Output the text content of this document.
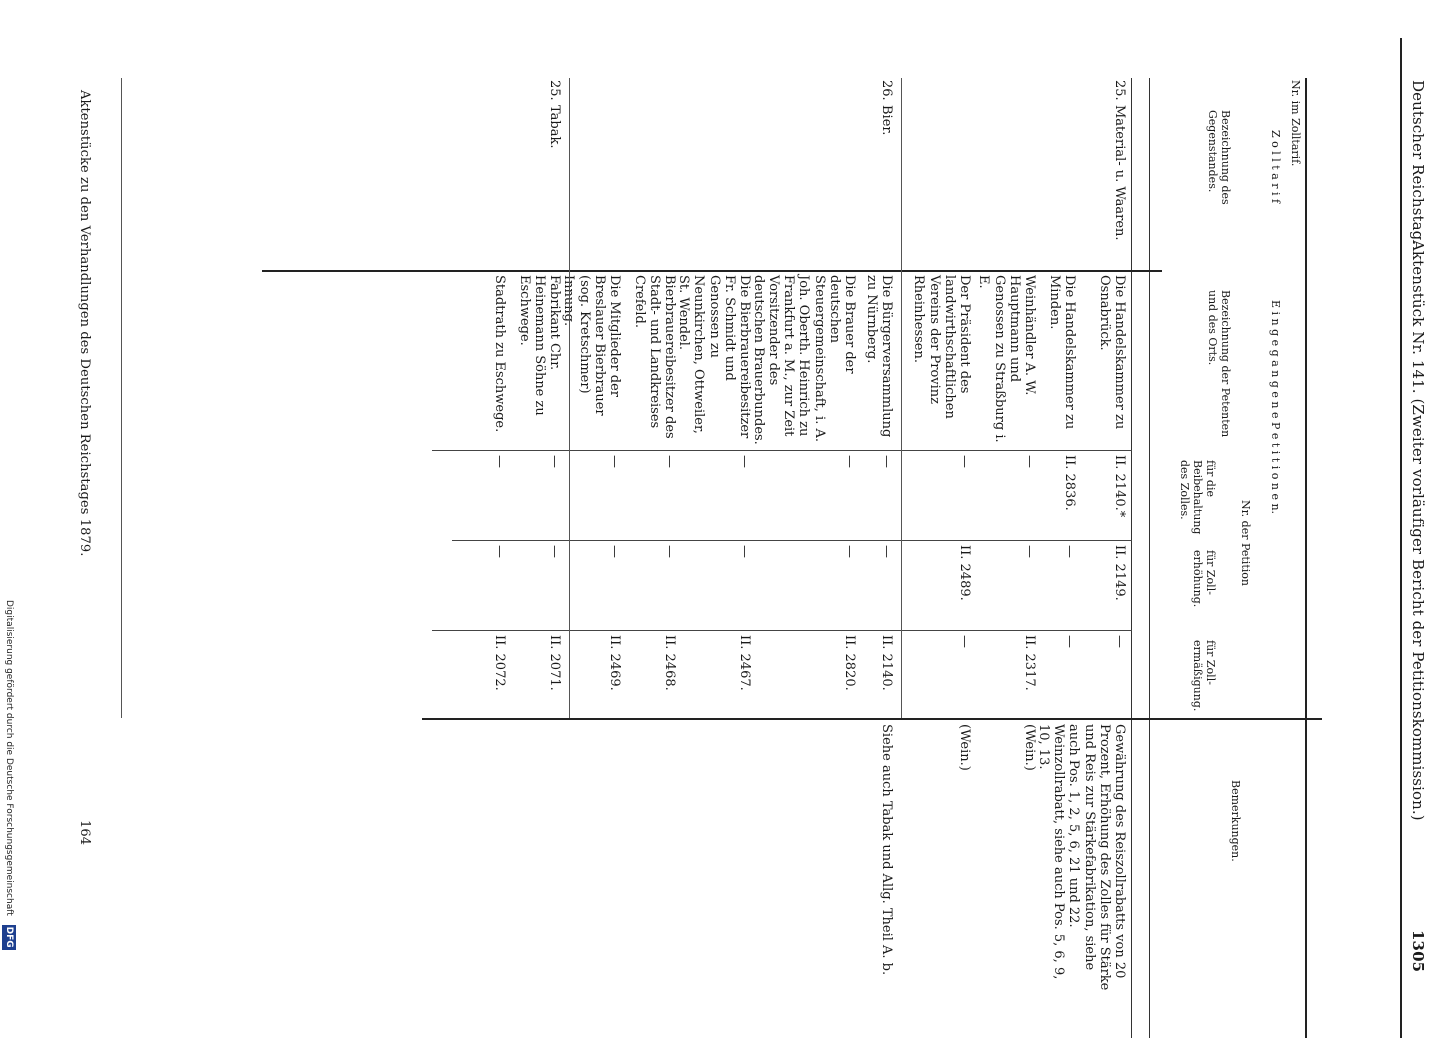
Deutscher Reichstag.
Aktenstück Nr. 141. (Zweiter vorläufiger Bericht der Petitionskommission.)
1305
Nr. im Zolltarif.
Z o l l t a r i f
Bezeichnung des Gegenstandes.
E i n g e g a n g e n e P e t i t i o n e n.
Bezeichnung der Petenten und des Orts.
Nr. der Petition
für die Beibehaltung des Zolles.
für Zoll-erhöhung.
für Zoll-ermäßigung.
Bemerkungen.
25.
Material- u. Waaren.
Die Handelskammer zu Osnabrück.
II. 2140.*
II. 2149.
—
Gewährung des Reiszollrabatts von 20 Prozent, Erhöhung des Zolles für Stärke und Reis zur Stärkefabrikation, siehe auch Pos. 1, 2, 5, 6, 21 und 22. Weinzollrabatt, siehe auch Pos. 5, 6, 9, 10, 13.
Die Handelskammer zu Minden.
II. 2836.
—
—
Weinhändler A. W. Hauptmann und Genossen zu Straßburg i. E.
—
—
II. 2317.
(Wein.)
Der Präsident des landwirthschaftlichen Vereins der Provinz Rheinhessen.
—
II. 2489.
—
(Wein.)
26.
Bier.
Die Bürgerversammlung zu Nürnberg.
—
—
II. 2140.
Siehe auch Tabak und Allg. Theil A. b.
Die Brauer der deutschen Steuergemeinschaft, i. A. Joh. Oberth. Heinrich zu Frankfurt a. M., zur Zeit Vorsitzender des deutschen Brauerbundes.
—
—
II. 2820.
Die Bierbrauereibesitzer Fr. Schmidt und Genossen zu Neunkirchen, Ottweiler, St. Wendel.
—
—
II. 2467.
Bierbrauereibesitzer des Stadt- und Landkreises Crefeld.
—
—
II. 2468.
Die Mitglieder der Breslauer Bierbrauer (sog. Kretschmer) Innung.
—
—
II. 2469.
25.
Tabak.
Fabrikant Chr. Heinemann Söhne zu Eschwege.
—
—
II. 2071.
Stadtrath zu Eschwege.
—
—
II. 2072.
Aktenstücke zu den Verhandlungen des Deutschen Reichstages 1879.
164
Digitalisierung gefördert durch die Deutsche Forschungsgemeinschaft DFG
